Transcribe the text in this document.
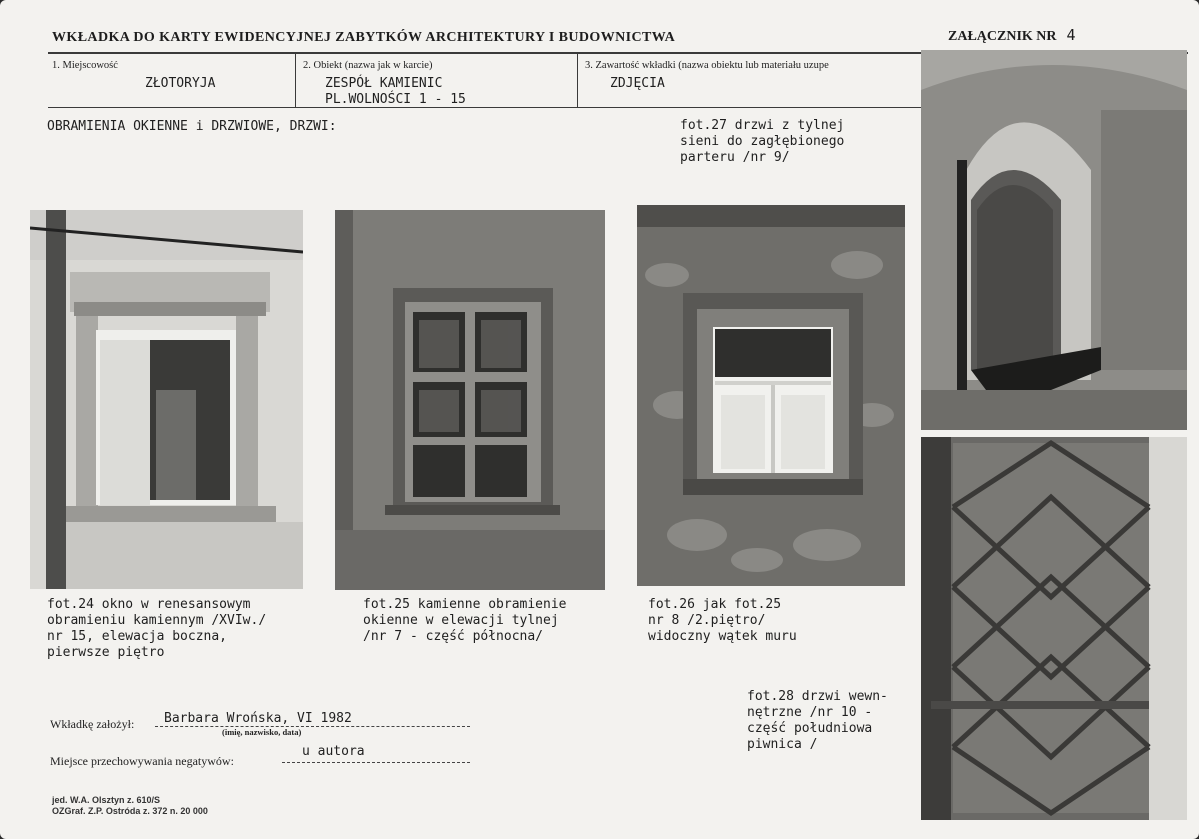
WKŁADKA DO KARTY EWIDENCYJNEJ ZABYTKÓW ARCHITEKTURY I BUDOWNICTWA	ZAŁĄCZNIK NR 4
1. Miejscowość
ZŁOTORYJA
2. Obiekt (nazwa jak w karcie)
ZESPÓŁ KAMIENIC
PL.WOLNOŚCI 1 - 15
3. Zawartość wkładki (nazwa obiektu lub materiału uzupe
ZDJĘCIA
OBRAMIENIA OKIENNE i DRZWIOWE, DRZWI:	fot.27 drzwi z tylnej
sieni do zagłębionego
parteru /nr 9/
fot.24 okno w renesansowym
obramieniu kamiennym /XVIw./
nr 15, elewacja boczna,
pierwsze piętro
fot.25 kamienne obramienie
okienne w elewacji tylnej
/nr 7 - część północna/
fot.26 jak fot.25
nr 8 /2.piętro/
widoczny wątek muru
fot.28 drzwi wewn-
nętrzne /nr 10 -
część południowa
piwnica /
Wkładkę założył: Barbara Wrońska, VI 1982
(imię, nazwisko, data)
Miejsce przechowywania negatywów:
u autora
jed. W.A. Olsztyn z. 610/S
OZGraf. Z.P. Ostróda z. 372 n. 20 000
